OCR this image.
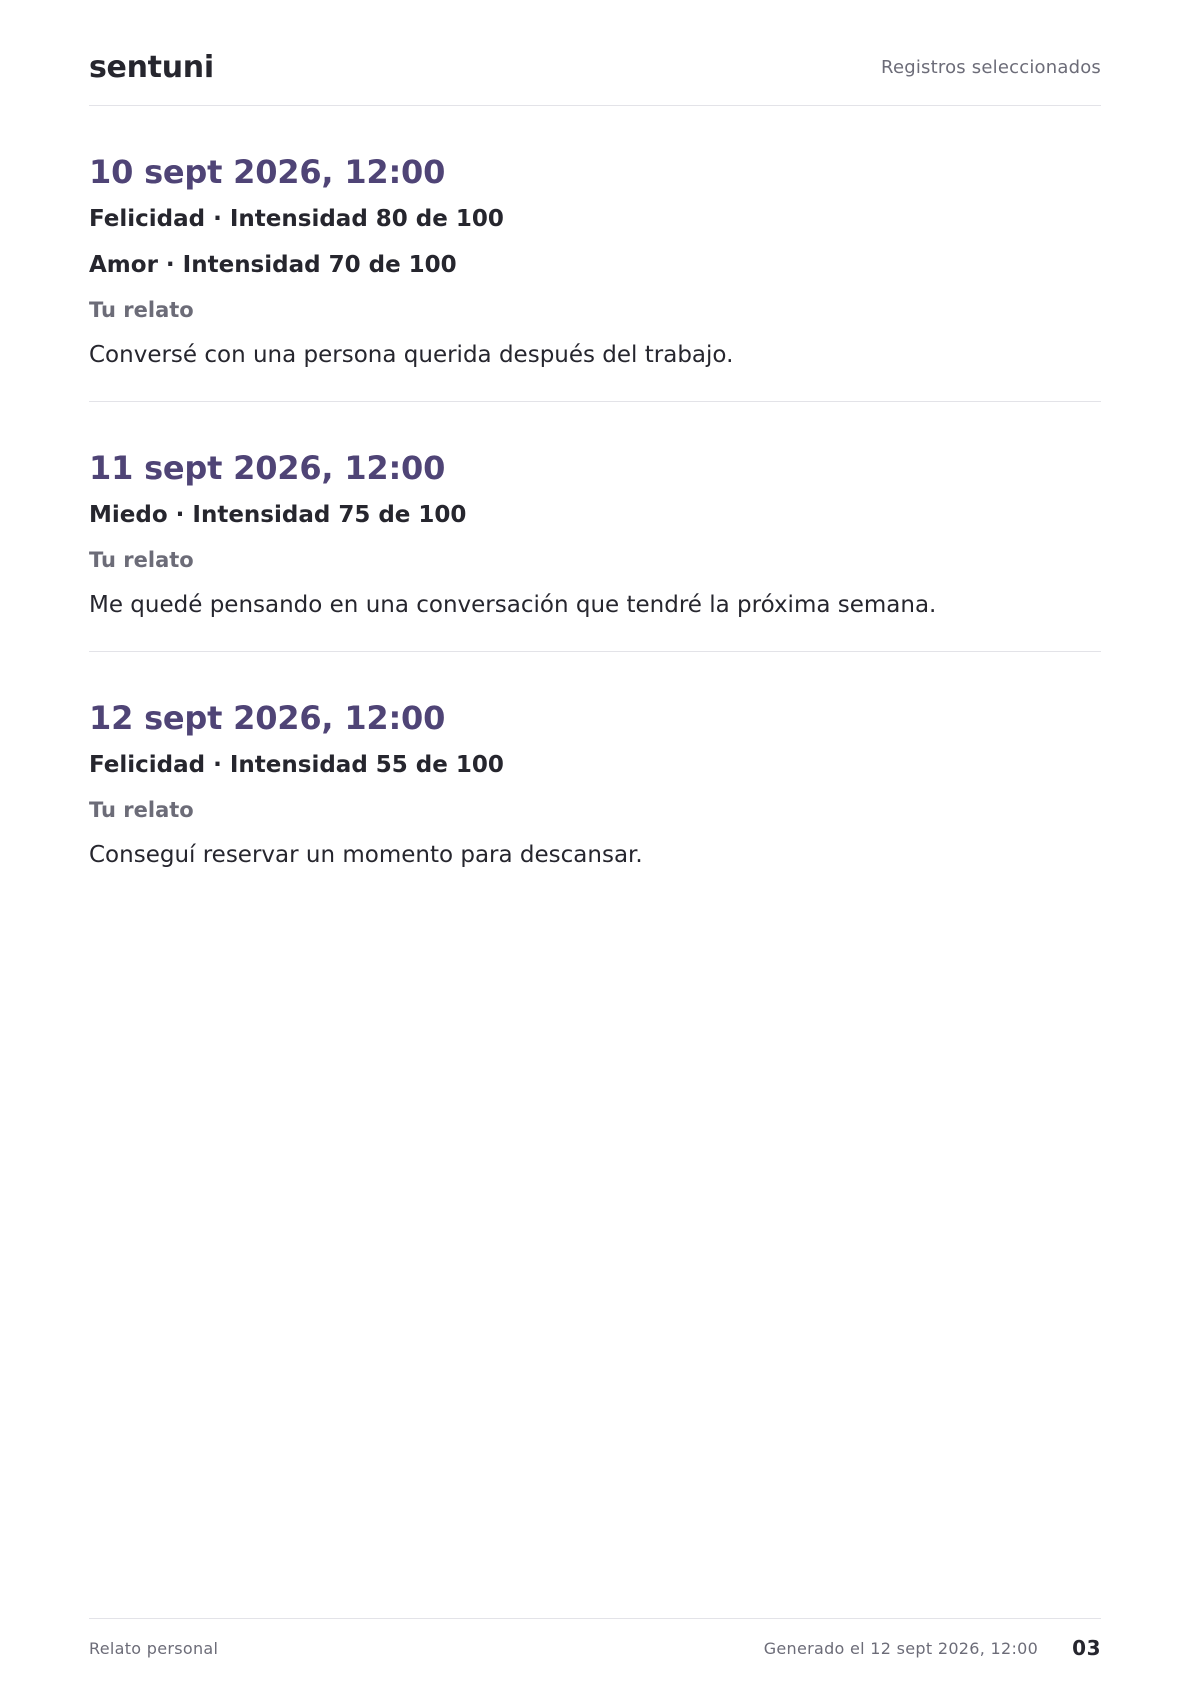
sentuni	Registros seleccionados
10 sept 2026, 12:00
Felicidad · Intensidad 80 de 100
Amor · Intensidad 70 de 100
Tu relato

Conversé con una persona querida después del trabajo.

11 sept 2026, 12:00
Miedo · Intensidad 75 de 100
Tu relato

Me quedé pensando en una conversación que tendré la próxima semana.

12 sept 2026, 12:00
Felicidad · Intensidad 55 de 100
Tu relato

Conseguí reservar un momento para descansar.

Relato personal	Generado el 12 sept 2026, 12:00 03
